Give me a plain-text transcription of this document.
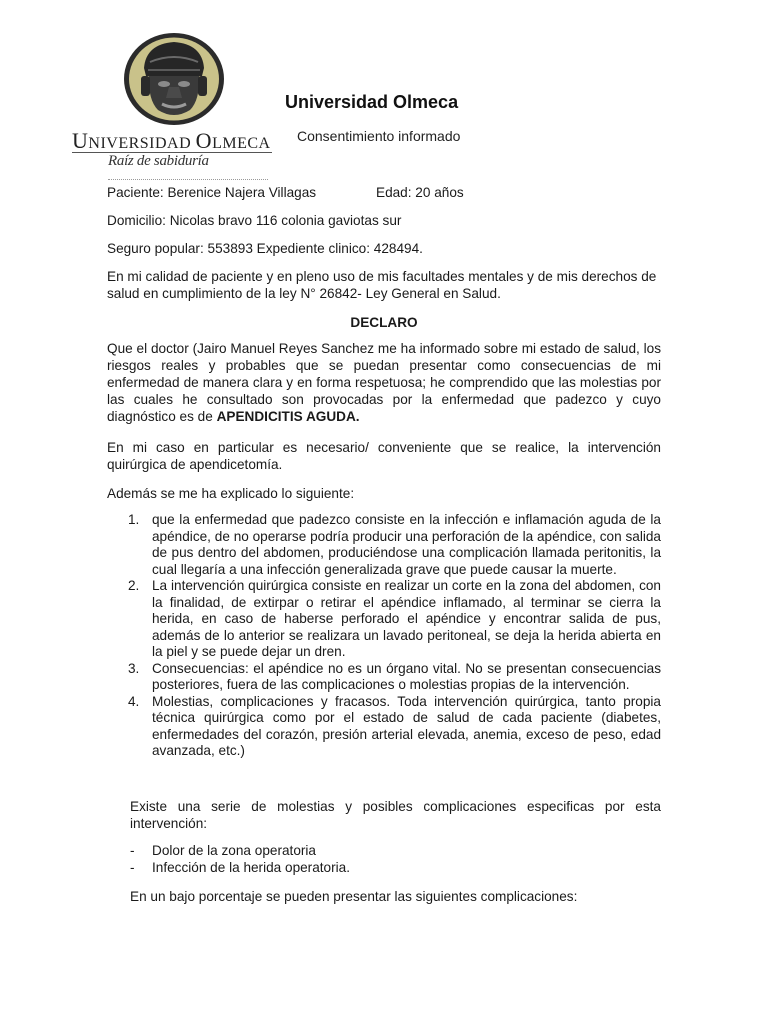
UNIVERSIDAD OLMECA
Raíz de sabiduría
Universidad Olmeca
Consentimiento informado
Paciente: Berenice Najera Villagas	Edad: 20 años
Domicilio: Nicolas bravo 116 colonia gaviotas sur
Seguro popular: 553893 Expediente clinico: 428494.

En mi calidad de paciente y en pleno uso de mis facultades mentales y de mis derechos de salud en cumplimiento de la ley N° 26842- Ley General en Salud.

DECLARO

Que el doctor (Jairo Manuel Reyes Sanchez me ha informado sobre mi estado de salud, los riesgos reales y probables que se puedan presentar como consecuencias de mi enfermedad de manera clara y en forma respetuosa; he comprendido que las molestias por las cuales he consultado son provocadas por la enfermedad que padezco y cuyo diagnóstico es de APENDICITIS AGUDA.

En mi caso en particular es necesario/ conveniente que se realice, la intervención quirúrgica de apendicetomía.

Además se me ha explicado lo siguiente:

1. que la enfermedad que padezco consiste en la infección e inflamación aguda de la apéndice, de no operarse podría producir una perforación de la apéndice, con salida de pus dentro del abdomen, produciéndose una complicación llamada peritonitis, la cual llegaría a una infección generalizada grave que puede causar la muerte.
2. La intervención quirúrgica consiste en realizar un corte en la zona del abdomen, con la finalidad, de extirpar o retirar el apéndice inflamado, al terminar se cierra la herida, en caso de haberse perforado el apéndice y encontrar salida de pus, además de lo anterior se realizara un lavado peritoneal, se deja la herida abierta en la piel y se puede dejar un dren.
3. Consecuencias: el apéndice no es un órgano vital. No se presentan consecuencias posteriores, fuera de las complicaciones o molestias propias de la intervención.
4. Molestias, complicaciones y fracasos. Toda intervención quirúrgica, tanto propia técnica quirúrgica como por el estado de salud de cada paciente (diabetes, enfermedades del corazón, presión arterial elevada, anemia, exceso de peso, edad avanzada, etc.)

Existe una serie de molestias y posibles complicaciones especificas por esta intervención:

- Dolor de la zona operatoria
- Infección de la herida operatoria.

En un bajo porcentaje se pueden presentar las siguientes complicaciones:
